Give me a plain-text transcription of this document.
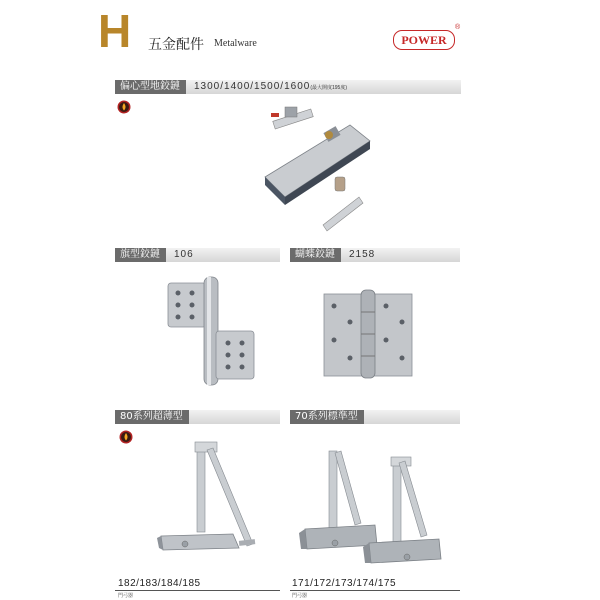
H 五金配件 Metalware	POWER
®
偏心型地鉸鏈	1300/1400/1500/1600(最大開度195度)
旗型鉸鏈	106	蝴蝶鉸鏈	2158
80系列超薄型
182/183/184/185
門弓器
70系列標準型
171/172/173/174/175
門弓器
